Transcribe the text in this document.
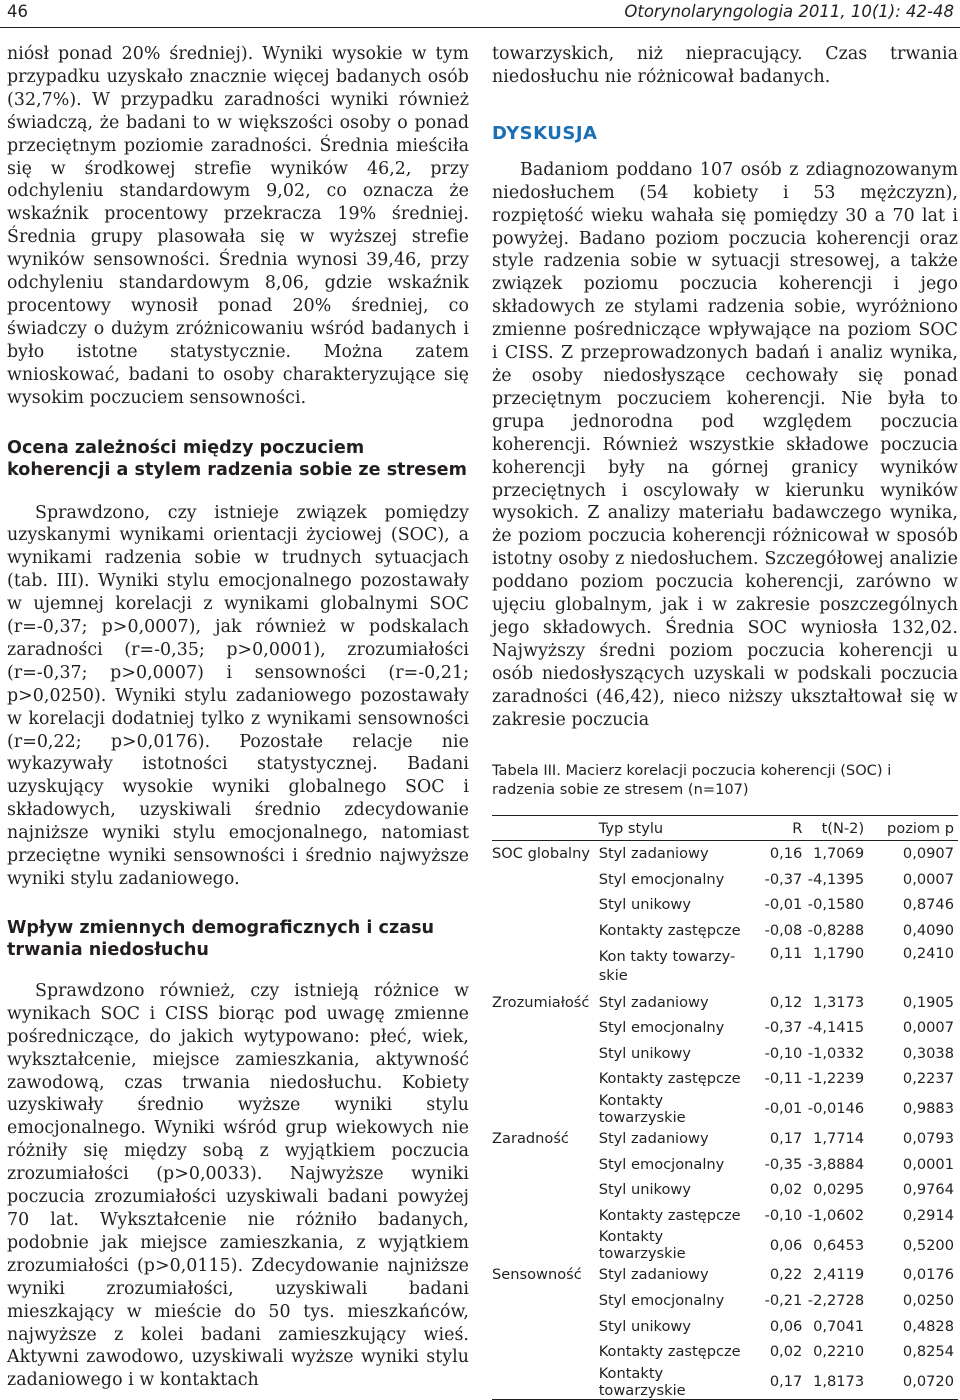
46	Otorynolaryngologia 2011, 10(1): 42-48

niósł ponad 20% średniej). Wyniki wysokie w tym przypadku uzyskało znacznie więcej badanych osób (32,7%). W przypadku zaradności wyniki również świadczą, że badani to w większości osoby o ponad przeciętnym poziomie zaradności. Średnia mieściła się w środkowej strefie wyników 46,2, przy odchyleniu standardowym 9,02, co oznacza że wskaźnik procentowy przekracza 19% średniej. Średnia grupy plasowała się w wyższej strefie wyników sensowności. Średnia wynosi 39,46, przy odchyleniu standardowym 8,06, gdzie wskaźnik procentowy wynosił ponad 20% średniej, co świadczy o dużym zróżnicowaniu wśród badanych i było istotne statystycznie. Można zatem wnioskować, badani to osoby charakteryzujące się wysokim poczuciem sensowności.

Ocena zależności między poczuciem koherencji a stylem radzenia sobie ze stresem

Sprawdzono, czy istnieje związek pomiędzy uzyskanymi wynikami orientacji życiowej (SOC), a wynikami radzenia sobie w trudnych sytuacjach (tab. III). Wyniki stylu emocjonalnego pozostawały w ujemnej korelacji z wynikami globalnymi SOC (r=-0,37; p>0,0007), jak również w podskalach zaradności (r=-0,35; p>0,0001), zrozumiałości (r=-0,37; p>0,0007) i sensowności (r=-0,21; p>0,0250). Wyniki stylu zadaniowego pozostawały w korelacji dodatniej tylko z wynikami sensowności (r=0,22; p>0,0176). Pozostałe relacje nie wykazywały istotności statystycznej. Badani uzyskujący wysokie wyniki globalnego SOC i składowych, uzyskiwali średnio zdecydowanie najniższe wyniki stylu emocjonalnego, natomiast przeciętne wyniki sensowności i średnio najwyższe wyniki stylu zadaniowego.

Wpływ zmiennych demograficznych i czasu trwania niedosłuchu

Sprawdzono również, czy istnieją różnice w wynikach SOC i CISS biorąc pod uwagę zmienne pośredniczące, do jakich wytypowano: płeć, wiek, wykształcenie, miejsce zamieszkania, aktywność zawodową, czas trwania niedosłuchu. Kobiety uzyskiwały średnio wyższe wyniki stylu emocjonalnego. Wyniki wśród grup wiekowych nie różniły się między sobą z wyjątkiem poczucia zrozumiałości (p>0,0033). Najwyższe wyniki poczucia zrozumiałości uzyskiwali badani powyżej 70 lat. Wykształcenie nie różniło badanych, podobnie jak miejsce zamieszkania, z wyjątkiem zrozumiałości (p>0,0115). Zdecydowanie najniższe wyniki zrozumiałości, uzyskiwali badani mieszkający w mieście do 50 tys. mieszkańców, najwyższe z kolei badani zamieszkujący wieś. Aktywni zawodowo, uzyskiwali wyższe wyniki stylu zadaniowego i w kontaktach

towarzyskich, niż niepracujący. Czas trwania niedosłuchu nie różnicował badanych.

DYSKUSJA

Badaniom poddano 107 osób z zdiagnozowanym niedosłuchem (54 kobiety i 53 mężczyzn), rozpiętość wieku wahała się pomiędzy 30 a 70 lat i powyżej. Badano poziom poczucia koherencji oraz style radzenia sobie w sytuacji stresowej, a także związek poziomu poczucia koherencji i jego składowych ze stylami radzenia sobie, wyróżniono zmienne pośredniczące wpływające na poziom SOC i CISS. Z przeprowadzonych badań i analiz wynika, że osoby niedosłyszące cechowały się ponad przeciętnym poczuciem koherencji. Nie była to grupa jednorodna pod względem poczucia koherencji. Również wszystkie składowe poczucia koherencji były na górnej granicy wyników przeciętnych i oscylowały w kierunku wyników wysokich. Z analizy materiału badawczego wynika, że poziom poczucia koherencji różnicował w sposób istotny osoby z niedosłuchem. Szczegółowej analizie poddano poziom poczucia koherencji, zarówno w ujęciu globalnym, jak i w zakresie poszczególnych jego składowych. Średnia SOC wyniosła 132,02. Najwyższy średni poziom poczucia koherencji u osób niedosłyszących uzyskali w podskali poczucia zaradności (46,42), nieco niższy ukształtował się w zakresie poczucia

Tabela III. Macierz korelacji poczucia koherencji (SOC) i radzenia sobie ze stresem (n=107)

	Typ stylu	R	t(N-2)	poziom p
SOC globalny	Styl zadaniowy	0,16	1,7069	0,0907
	Styl emocjonalny	-0,37	-4,1395	0,0007
	Styl unikowy	-0,01	-0,1580	0,8746
	Kontakty zastępcze	-0,08	-0,8288	0,4090
	Kon takty towarzy-skie	0,11	1,1790	0,2410
Zrozumiałość	Styl zadaniowy	0,12	1,3173	0,1905
	Styl emocjonalny	-0,37	-4,1415	0,0007
	Styl unikowy	-0,10	-1,0332	0,3038
	Kontakty zastępcze	-0,11	-1,2239	0,2237
	Kontakty towarzyskie	-0,01	-0,0146	0,9883
Zaradność	Styl zadaniowy	0,17	1,7714	0,0793
	Styl emocjonalny	-0,35	-3,8884	0,0001
	Styl unikowy	0,02	0,0295	0,9764
	Kontakty zastępcze	-0,10	-1,0602	0,2914
	Kontakty towarzyskie	0,06	0,6453	0,5200
Sensowność	Styl zadaniowy	0,22	2,4119	0,0176
	Styl emocjonalny	-0,21	-2,2728	0,0250
	Styl unikowy	0,06	0,7041	0,4828
	Kontakty zastępcze	0,02	0,2210	0,8254
	Kontakty towarzyskie	0,17	1,8173	0,0720
